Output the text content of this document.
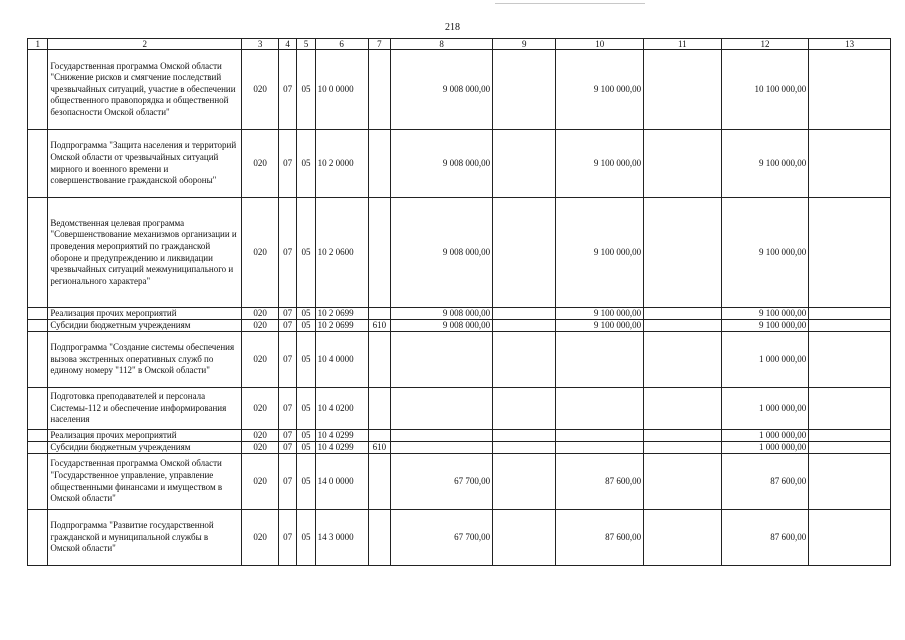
218
1	2	3	4	5	6	7	8	9	10	11	12	13
	Государственная программа Омской области "Снижение рисков и смягчение последствий чрезвычайных ситуаций, участие в обеспечении общественного правопорядка и общественной безопасности Омской области"	020	07	05	10 0 0000		9 008 000,00		9 100 000,00		10 100 000,00	
	Подпрограмма "Защита населения и территорий Омской области от чрезвычайных ситуаций мирного и военного времени и совершенствование гражданской обороны"	020	07	05	10 2 0000		9 008 000,00		9 100 000,00		9 100 000,00	
	Ведомственная целевая программа "Совершенствование механизмов организации и проведения мероприятий по гражданской обороне и предупреждению и ликвидации чрезвычайных ситуаций межмуниципального и регионального характера"	020	07	05	10 2 0600		9 008 000,00		9 100 000,00		9 100 000,00	
	Реализация прочих мероприятий	020	07	05	10 2 0699		9 008 000,00		9 100 000,00		9 100 000,00	
	Субсидии бюджетным учреждениям	020	07	05	10 2 0699	610	9 008 000,00		9 100 000,00		9 100 000,00	
	Подпрограмма "Создание системы обеспечения вызова экстренных оперативных служб по единому номеру "112" в Омской области"	020	07	05	10 4 0000						1 000 000,00	
	Подготовка преподавателей и персонала Системы-112 и обеспечение информирования населения	020	07	05	10 4 0200						1 000 000,00	
	Реализация прочих мероприятий	020	07	05	10 4 0299						1 000 000,00	
	Субсидии бюджетным учреждениям	020	07	05	10 4 0299	610					1 000 000,00	
	Государственная программа Омской области "Государственное управление, управление общественными финансами и имуществом в Омской области"	020	07	05	14 0 0000		67 700,00		87 600,00		87 600,00	
	Подпрограмма "Развитие государственной гражданской и муниципальной службы в Омской области"	020	07	05	14 3 0000		67 700,00		87 600,00		87 600,00	
